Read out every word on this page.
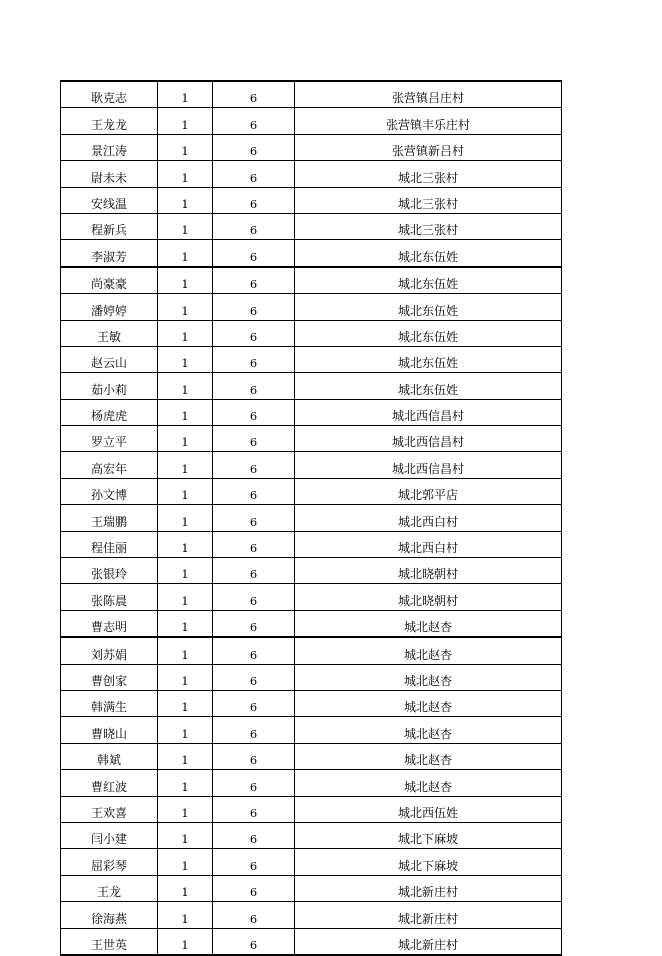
耿克志	1	6	张营镇吕庄村
王龙龙	1	6	张营镇丰乐庄村
景江涛	1	6	张营镇新吕村
尉未未	1	6	城北三张村
安线温	1	6	城北三张村
程新兵	1	6	城北三张村
李淑芳	1	6	城北东伍姓
尚豪豪	1	6	城北东伍姓
潘婷婷	1	6	城北东伍姓
王敏	1	6	城北东伍姓
赵云山	1	6	城北东伍姓
茹小莉	1	6	城北东伍姓
杨虎虎	1	6	城北西信昌村
罗立平	1	6	城北西信昌村
高宏年	1	6	城北西信昌村
孙文博	1	6	城北郭平店
王瑞鹏	1	6	城北西白村
程佳丽	1	6	城北西白村
张银玲	1	6	城北晓朝村
张陈晨	1	6	城北晓朝村
曹志明	1	6	城北赵杏
刘苏娟	1	6	城北赵杏
曹创家	1	6	城北赵杏
韩满生	1	6	城北赵杏
曹晓山	1	6	城北赵杏
韩斌	1	6	城北赵杏
曹红波	1	6	城北赵杏
王欢喜	1	6	城北西伍姓
闫小建	1	6	城北下麻坡
屈彩琴	1	6	城北下麻坡
王龙	1	6	城北新庄村
徐海燕	1	6	城北新庄村
王世英	1	6	城北新庄村
